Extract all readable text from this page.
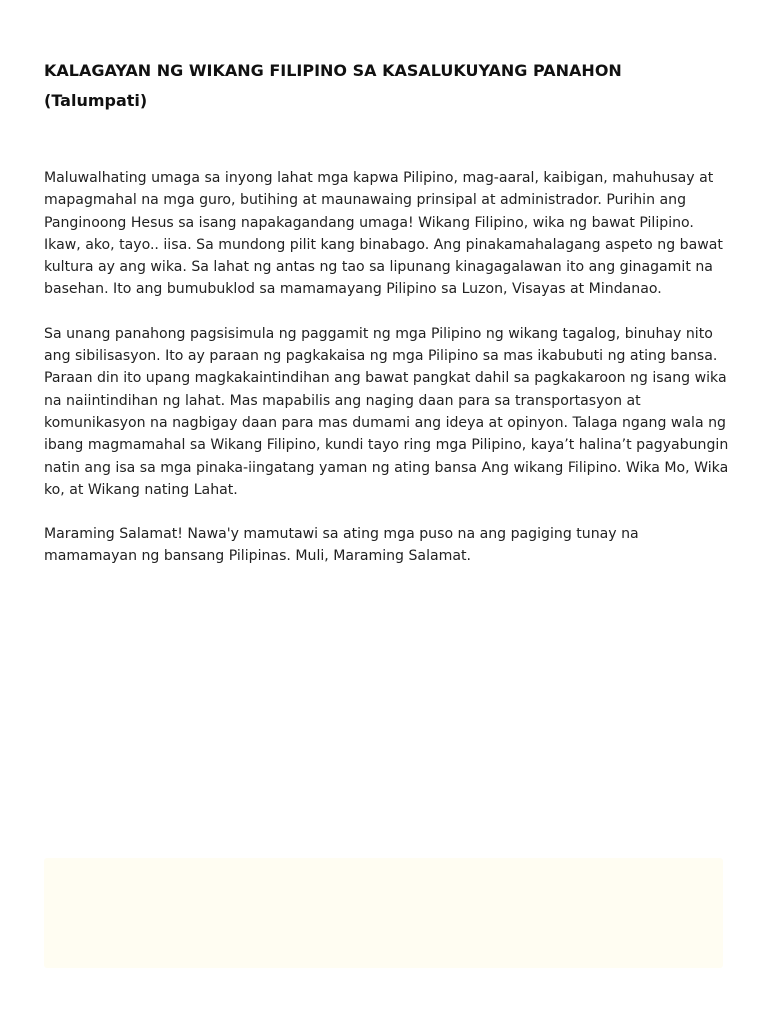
KALAGAYAN NG WIKANG FILIPINO SA KASALUKUYANG PANAHON
(Talumpati)

Maluwalhating umaga sa inyong lahat mga kapwa Pilipino, mag-aaral, kaibigan, mahuhusay at mapagmahal na mga guro, butihing at maunawaing prinsipal at administrador. Purihin ang Panginoong Hesus sa isang napakagandang umaga! Wikang Filipino, wika ng bawat Pilipino. Ikaw, ako, tayo.. iisa. Sa mundong pilit kang binabago. Ang pinakamahalagang aspeto ng bawat kultura ay ang wika. Sa lahat ng antas ng tao sa lipunang kinagagalawan ito ang ginagamit na basehan. Ito ang bumubuklod sa mamamayang Pilipino sa Luzon, Visayas at Mindanao.

Sa unang panahong pagsisimula ng paggamit ng mga Pilipino ng wikang tagalog, binuhay nito ang sibilisasyon. Ito ay paraan ng pagkakaisa ng mga Pilipino sa mas ikabubuti ng ating bansa. Paraan din ito upang magkakaintindihan ang bawat pangkat dahil sa pagkakaroon ng isang wika na naiintindihan ng lahat. Mas mapabilis ang naging daan para sa transportasyon at komunikasyon na nagbigay daan para mas dumami ang ideya at opinyon. Talaga ngang wala ng ibang magmamahal sa Wikang Filipino, kundi tayo ring mga Pilipino, kaya’t halina’t pagyabungin natin ang isa sa mga pinaka-iingatang yaman ng ating bansa Ang wikang Filipino. Wika Mo, Wika ko, at Wikang nating Lahat.

Maraming Salamat! Nawa'y mamutawi sa ating mga puso na ang pagiging tunay na mamamayan ng bansang Pilipinas. Muli, Maraming Salamat.
